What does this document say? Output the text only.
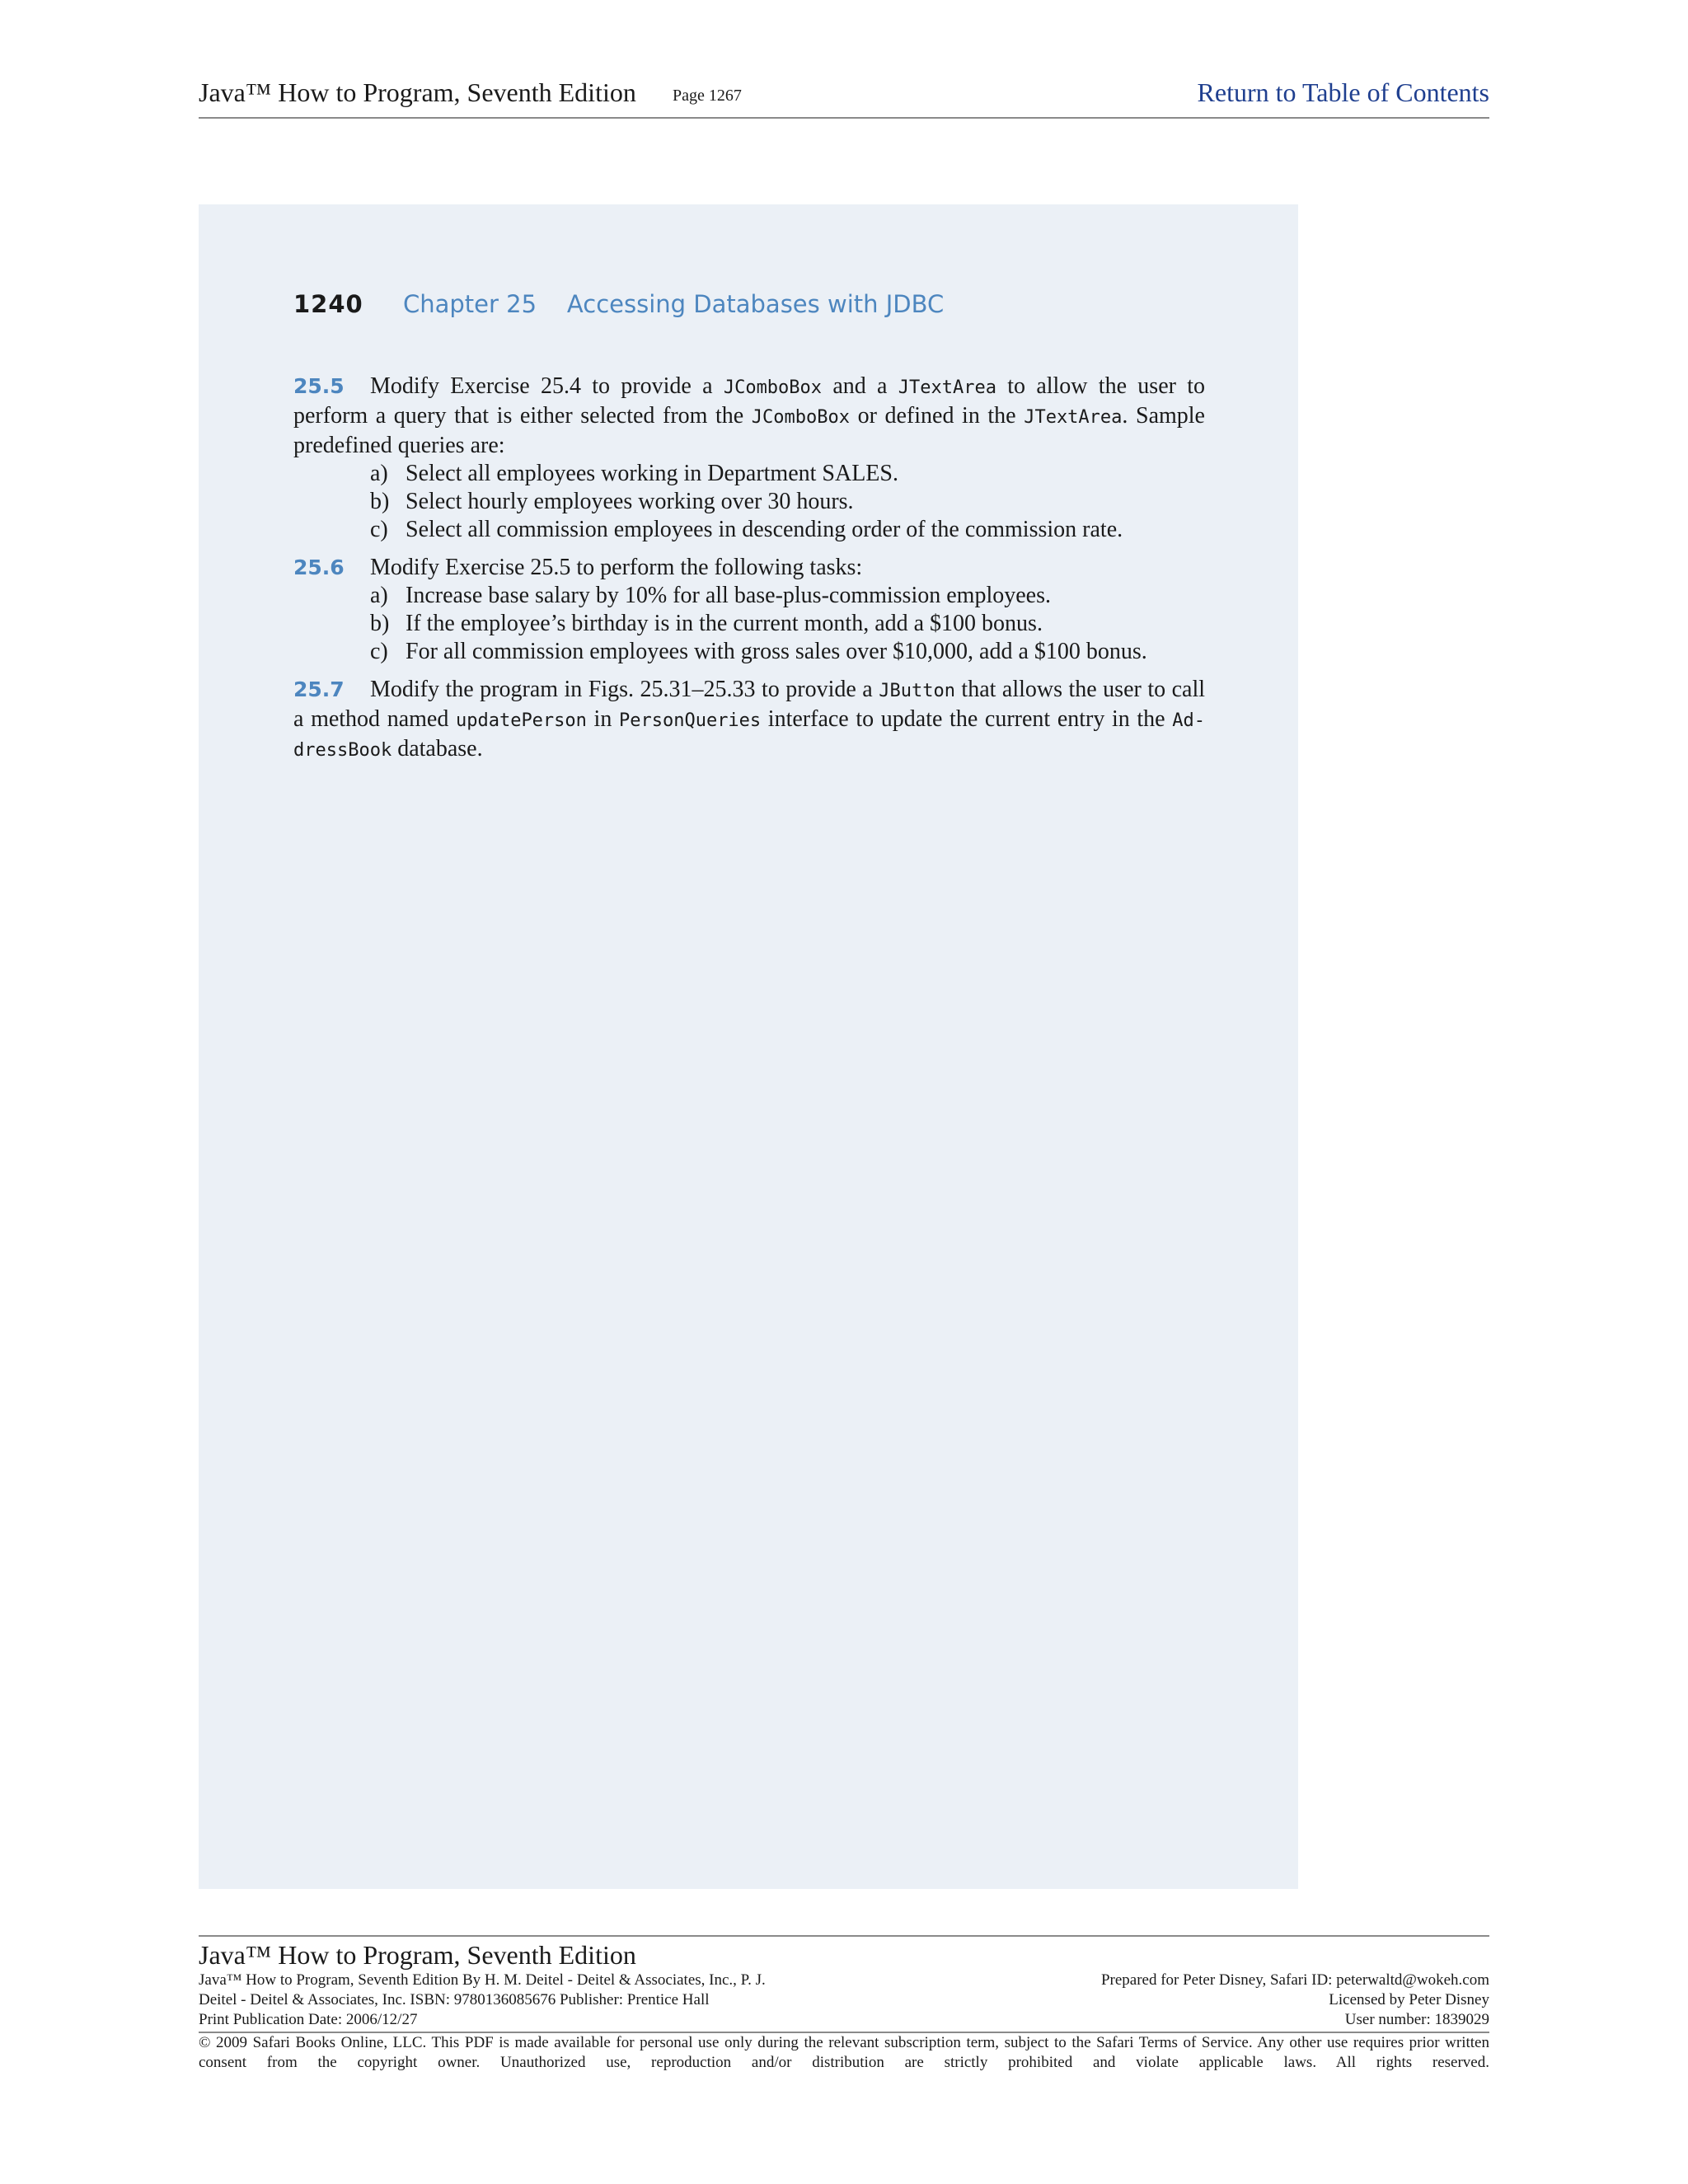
Java™ How to Program, Seventh Edition Page 1267	Return to Table of Contents
1240 Chapter 25    Accessing Databases with JDBC
25.5 Modify Exercise 25.4 to provide a JComboBox and a JTextArea to allow the user to perform a query that is either selected from the JComboBox or defined in the JTextArea. Sample predefined queries are:
a) Select all employees working in Department SALES.
b) Select hourly employees working over 30 hours.
c) Select all commission employees in descending order of the commission rate.
25.6 Modify Exercise 25.5 to perform the following tasks:
a) Increase base salary by 10% for all base-plus-commission employees.
b) If the employee’s birthday is in the current month, add a $100 bonus.
c) For all commission employees with gross sales over $10,000, add a $100 bonus.
25.7 Modify the program in Figs. 25.31–25.33 to provide a JButton that allows the user to call a method named updatePerson in PersonQueries interface to update the current entry in the Ad-dressBook database.
Java™ How to Program, Seventh Edition
Java™ How to Program, Seventh Edition By H. M. Deitel - Deitel & Associates, Inc., P. J.	Prepared for Peter Disney, Safari ID: peterwaltd@wokeh.com
Deitel - Deitel & Associates, Inc. ISBN: 9780136085676 Publisher: Prentice Hall	Licensed by Peter Disney
Print Publication Date: 2006/12/27	User number: 1839029
© 2009 Safari Books Online, LLC. This PDF is made available for personal use only during the relevant subscription term, subject to the Safari Terms of Service. Any other use requires prior written consent from the copyright owner. Unauthorized use, reproduction and/or distribution are strictly prohibited and violate applicable laws. All rights reserved.
